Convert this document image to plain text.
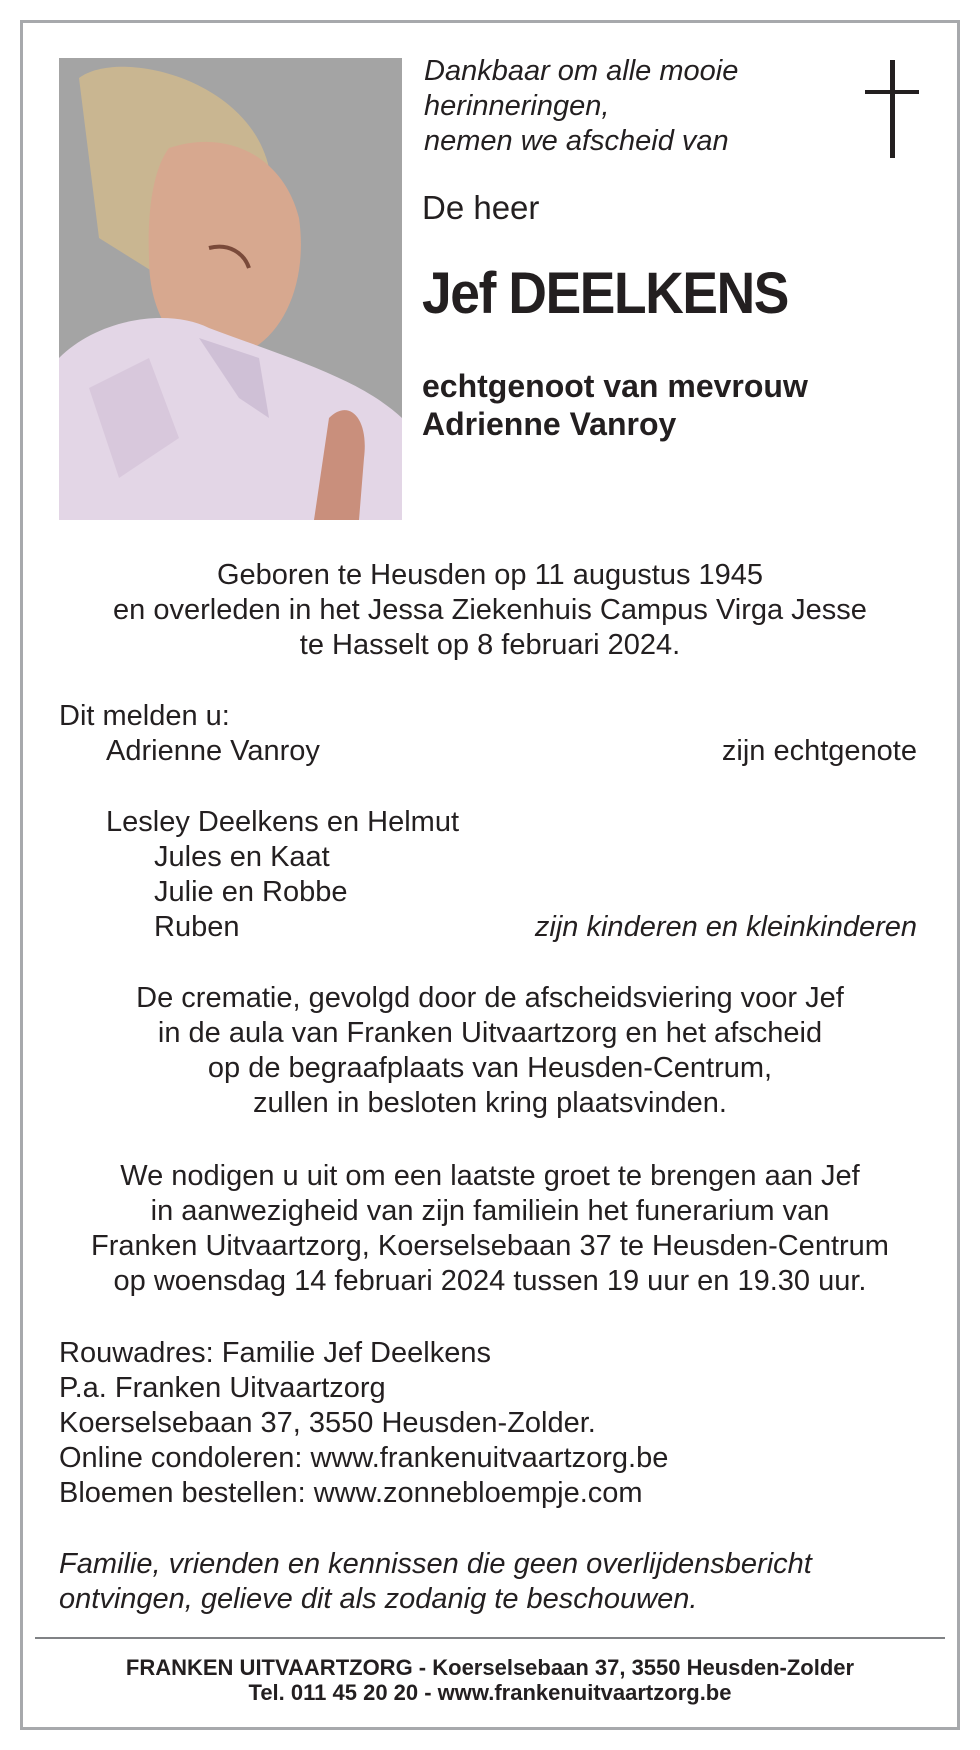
Dankbaar om alle mooie
herinneringen,
nemen we afscheid van
De heer
Jef DEELKENS
echtgenoot van mevrouw
Adrienne Vanroy
Geboren te Heusden op 11 augustus 1945
en overleden in het Jessa Ziekenhuis Campus Virga Jesse
te Hasselt op 8 februari 2024.
Dit melden u:
Adrienne Vanroy	zijn echtgenote
Lesley Deelkens en Helmut
Jules en Kaat
Julie en Robbe
Ruben	zijn kinderen en kleinkinderen
De crematie, gevolgd door de afscheidsviering voor Jef
in de aula van Franken Uitvaartzorg en het afscheid
op de begraafplaats van Heusden-Centrum,
zullen in besloten kring plaatsvinden.
We nodigen u uit om een laatste groet te brengen aan Jef
in aanwezigheid van zijn familiein het funerarium van
Franken Uitvaartzorg, Koerselsebaan 37 te Heusden-Centrum
op woensdag 14 februari 2024 tussen 19 uur en 19.30 uur.
Rouwadres: Familie Jef Deelkens
P.a. Franken Uitvaartzorg
Koerselsebaan 37, 3550 Heusden-Zolder.
Online condoleren: www.frankenuitvaartzorg.be
Bloemen bestellen: www.zonnebloempje.com
Familie, vrienden en kennissen die geen overlijdensbericht
ontvingen, gelieve dit als zodanig te beschouwen.
FRANKEN UITVAARTZORG - Koerselsebaan 37, 3550 Heusden-Zolder
Tel. 011 45 20 20 - www.frankenuitvaartzorg.be
